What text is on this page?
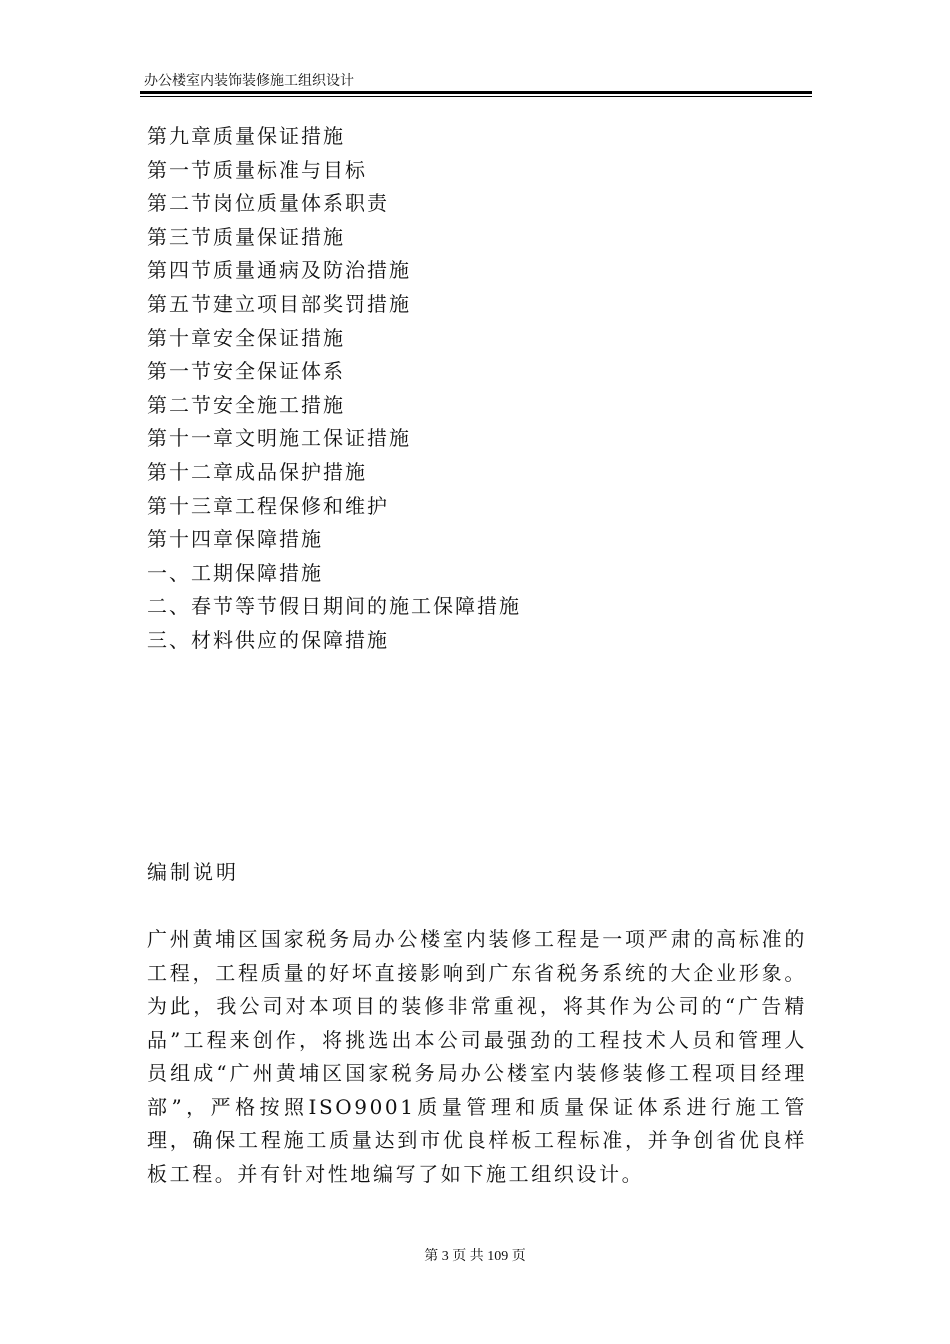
办公楼室内装饰装修施工组织设计
第九章质量保证措施
第一节质量标准与目标
第二节岗位质量体系职责
第三节质量保证措施
第四节质量通病及防治措施
第五节建立项目部奖罚措施
第十章安全保证措施
第一节安全保证体系
第二节安全施工措施
第十一章文明施工保证措施
第十二章成品保护措施
第十三章工程保修和维护
第十四章保障措施
一、工期保障措施
二、春节等节假日期间的施工保障措施
三、材料供应的保障措施
编制说明

广州黄埔区国家税务局办公楼室内装修工程是一项严肃的高标准的工程，工程质量的好坏直接影响到广东省税务系统的大企业形象。为此，我公司对本项目的装修非常重视，将其作为公司的“广告精品”工程来创作，将挑选出本公司最强劲的工程技术人员和管理人员组成“广州黄埔区国家税务局办公楼室内装修装修工程项目经理部”，严格按照ISO9001质量管理和质量保证体系进行施工管理，确保工程施工质量达到市优良样板工程标准，并争创省优良样板工程。并有针对性地编写了如下施工组织设计。

第 3 页 共 109 页
